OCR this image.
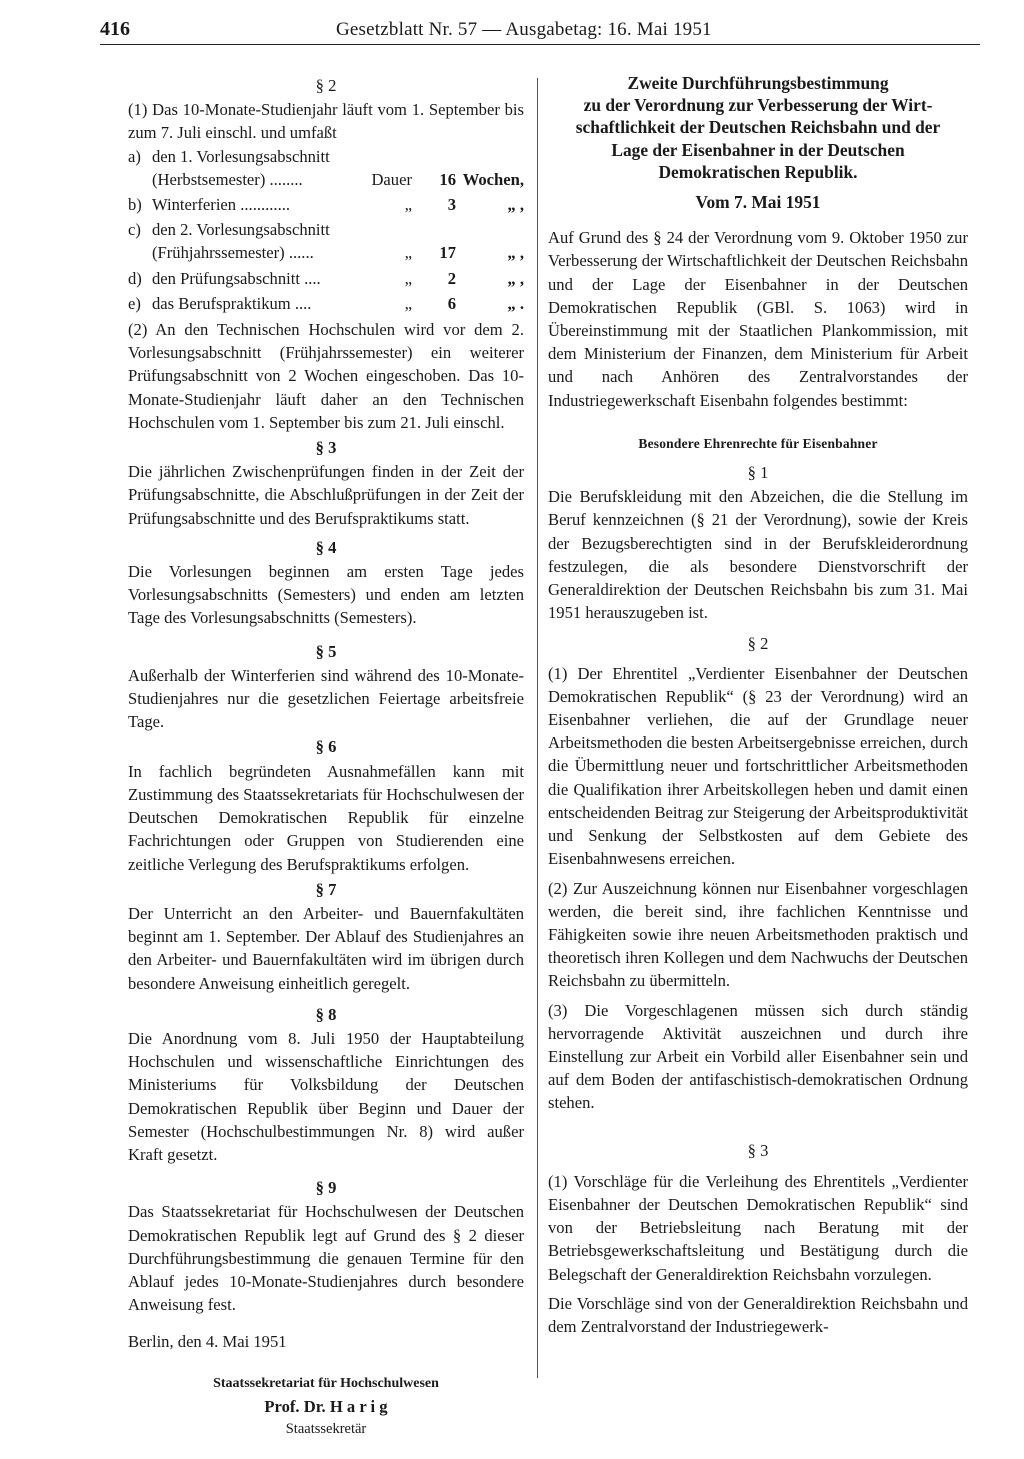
416	Gesetzblatt Nr. 57 — Ausgabetag: 16. Mai 1951
§ 2

(1) Das 10-Monate-Studienjahr läuft vom 1. September bis zum 7. Juli einschl. und umfaßt

a) den 1. Vorlesungsabschnitt
(Herbstsemester) ........	Dauer	16 Wochen,
b) Winterferien ............	„	3	„ ,
c) den 2. Vorlesungsabschnitt
(Frühjahrssemester) ......	„	17	„ ,
d) den Prüfungsabschnitt ....	„	2	„ ,
e) das Berufspraktikum ....	„	6	„ .

(2) An den Technischen Hochschulen wird vor dem 2. Vorlesungsabschnitt (Frühjahrssemester) ein weiterer Prüfungsabschnitt von 2 Wochen eingeschoben. Das 10-Monate-Studienjahr läuft daher an den Technischen Hochschulen vom 1. September bis zum 21. Juli einschl.

§ 3

Die jährlichen Zwischenprüfungen finden in der Zeit der Prüfungsabschnitte, die Abschlußprüfungen in der Zeit der Prüfungsabschnitte und des Berufspraktikums statt.

§ 4

Die Vorlesungen beginnen am ersten Tage jedes Vorlesungsabschnitts (Semesters) und enden am letzten Tage des Vorlesungsabschnitts (Semesters).

§ 5

Außerhalb der Winterferien sind während des 10-Monate-Studienjahres nur die gesetzlichen Feiertage arbeitsfreie Tage.

§ 6

In fachlich begründeten Ausnahmefällen kann mit Zustimmung des Staatssekretariats für Hochschulwesen der Deutschen Demokratischen Republik für einzelne Fachrichtungen oder Gruppen von Studierenden eine zeitliche Verlegung des Berufspraktikums erfolgen.

§ 7

Der Unterricht an den Arbeiter- und Bauernfakultäten beginnt am 1. September. Der Ablauf des Studienjahres an den Arbeiter- und Bauernfakultäten wird im übrigen durch besondere Anweisung einheitlich geregelt.

§ 8

Die Anordnung vom 8. Juli 1950 der Hauptabteilung Hochschulen und wissenschaftliche Einrichtungen des Ministeriums für Volksbildung der Deutschen Demokratischen Republik über Beginn und Dauer der Semester (Hochschulbestimmungen Nr. 8) wird außer Kraft gesetzt.

§ 9

Das Staatssekretariat für Hochschulwesen der Deutschen Demokratischen Republik legt auf Grund des § 2 dieser Durchführungsbestimmung die genauen Termine für den Ablauf jedes 10-Monate-Studienjahres durch besondere Anweisung fest.

Berlin, den 4. Mai 1951

Staatssekretariat für Hochschulwesen
Prof. Dr. H a r i g
Staatssekretär
Zweite Durchführungsbestimmung
zu der Verordnung zur Verbesserung der Wirt-
schaftlichkeit der Deutschen Reichsbahn und der
Lage der Eisenbahner in der Deutschen
Demokratischen Republik.
Vom 7. Mai 1951

Auf Grund des § 24 der Verordnung vom 9. Oktober 1950 zur Verbesserung der Wirtschaftlichkeit der Deutschen Reichsbahn und der Lage der Eisenbahner in der Deutschen Demokratischen Republik (GBl. S. 1063) wird in Übereinstimmung mit der Staatlichen Plankommission, mit dem Ministerium der Finanzen, dem Ministerium für Arbeit und nach Anhören des Zentralvorstandes der Industriegewerkschaft Eisenbahn folgendes bestimmt:

Besondere Ehrenrechte für Eisenbahner
§ 1

Die Berufskleidung mit den Abzeichen, die die Stellung im Beruf kennzeichnen (§ 21 der Verordnung), sowie der Kreis der Bezugsberechtigten sind in der Berufskleiderordnung festzulegen, die als besondere Dienstvorschrift der Generaldirektion der Deutschen Reichsbahn bis zum 31. Mai 1951 herauszugeben ist.

§ 2

(1) Der Ehrentitel „Verdienter Eisenbahner der Deutschen Demokratischen Republik“ (§ 23 der Verordnung) wird an Eisenbahner verliehen, die auf der Grundlage neuer Arbeitsmethoden die besten Arbeitsergebnisse erreichen, durch die Übermittlung neuer und fortschrittlicher Arbeitsmethoden die Qualifikation ihrer Arbeitskollegen heben und damit einen entscheidenden Beitrag zur Steigerung der Arbeitsproduktivität und Senkung der Selbstkosten auf dem Gebiete des Eisenbahnwesens erreichen.

(2) Zur Auszeichnung können nur Eisenbahner vorgeschlagen werden, die bereit sind, ihre fachlichen Kenntnisse und Fähigkeiten sowie ihre neuen Arbeitsmethoden praktisch und theoretisch ihren Kollegen und dem Nachwuchs der Deutschen Reichsbahn zu übermitteln.

(3) Die Vorgeschlagenen müssen sich durch ständig hervorragende Aktivität auszeichnen und durch ihre Einstellung zur Arbeit ein Vorbild aller Eisenbahner sein und auf dem Boden der antifaschistisch-demokratischen Ordnung stehen.

§ 3

(1) Vorschläge für die Verleihung des Ehrentitels „Verdienter Eisenbahner der Deutschen Demokratischen Republik“ sind von der Betriebsleitung nach Beratung mit der Betriebsgewerkschaftsleitung und Bestätigung durch die Belegschaft der Generaldirektion Reichsbahn vorzulegen.

Die Vorschläge sind von der Generaldirektion Reichsbahn und dem Zentralvorstand der Industriegewerk-
